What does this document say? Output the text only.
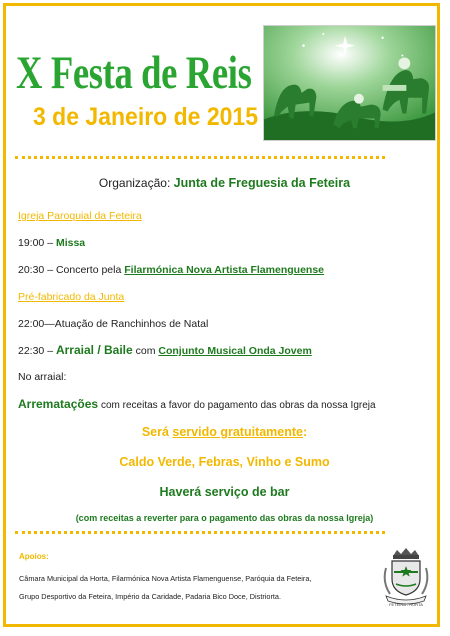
X Festa de Reis
3 de Janeiro de 2015
Organização: Junta de Freguesia da Feteira
Igreja Paroquial da Feteira
19:00 – Missa
20:30 – Concerto pela Filarmónica Nova Artista Flamenguense
Pré-fabricado da Junta
22:00—Atuação de Ranchinhos de Natal
22:30 – Arraial / Baile com Conjunto Musical Onda Jovem
No arraial:
Arrematações com receitas a favor do pagamento das obras da nossa Igreja
Será servido gratuitamente:
Caldo Verde, Febras, Vinho e Sumo
Haverá serviço de bar
(com receitas a reverter para o pagamento das obras da nossa Igreja)
Apoios:
Câmara Municipal da Horta, Filarmónica Nova Artista Flamenguense, Paróquia da Feteira,
Grupo Desportivo da Feteira, Império da Caridade, Padaria Bico Doce, Distriorta.
FETEIRA - HORTA
